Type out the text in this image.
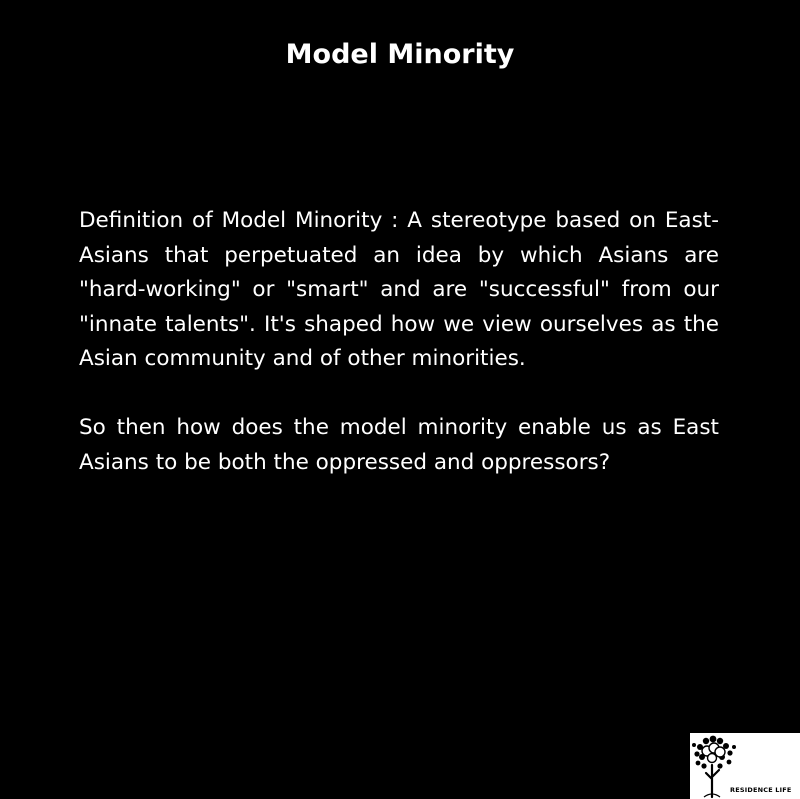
Model Minority

Definition of Model Minority : A stereotype based on East-Asians that perpetuated an idea by which Asians are "hard-working" or "smart" and are "successful" from our "innate talents". It's shaped how we view ourselves as the Asian community and of other minorities.

So then how does the model minority enable us as East Asians to be both the oppressed and oppressors?

RESIDENCE LIFE
